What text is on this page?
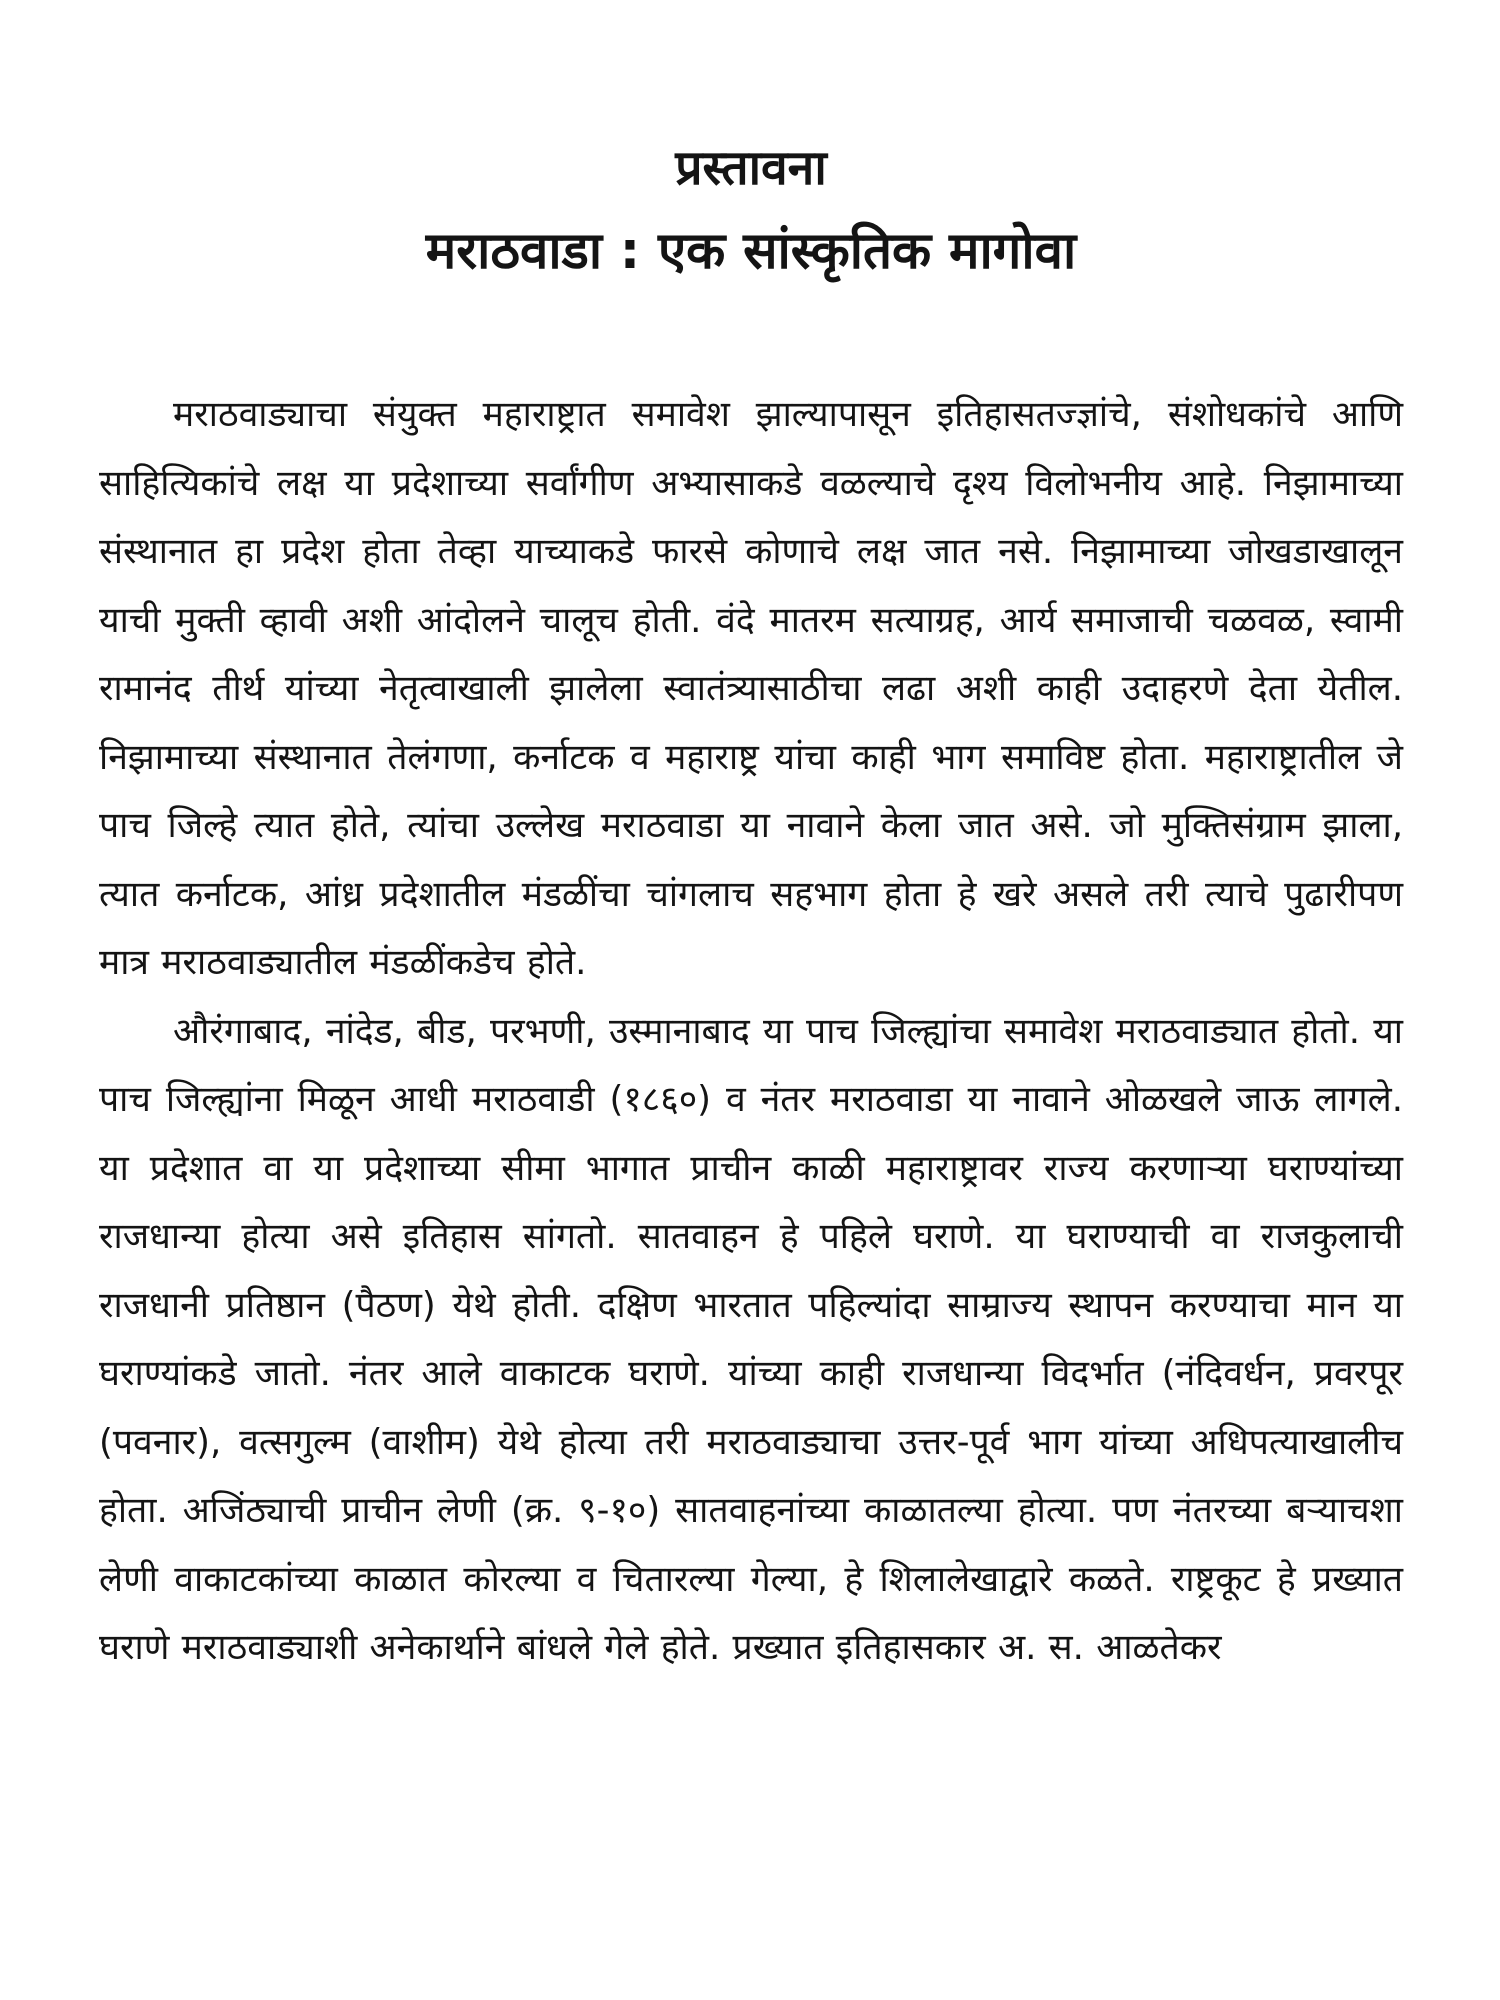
प्रस्तावना
मराठवाडा : एक सांस्कृतिक मागोवा

मराठवाड्याचा संयुक्त महाराष्ट्रात समावेश झाल्यापासून इतिहासतज्ज्ञांचे, संशोधकांचे आणि साहित्यिकांचे लक्ष या प्रदेशाच्या सर्वांगीण अभ्यासाकडे वळल्याचे दृश्य विलोभनीय आहे. निझामाच्या संस्थानात हा प्रदेश होता तेव्हा याच्याकडे फारसे कोणाचे लक्ष जात नसे. निझामाच्या जोखडाखालून याची मुक्ती व्हावी अशी आंदोलने चालूच होती. वंदे मातरम सत्याग्रह, आर्य समाजाची चळवळ, स्वामी रामानंद तीर्थ यांच्या नेतृत्वाखाली झालेला स्वातंत्र्यासाठीचा लढा अशी काही उदाहरणे देता येतील. निझामाच्या संस्थानात तेलंगणा, कर्नाटक व महाराष्ट्र यांचा काही भाग समाविष्ट होता. महाराष्ट्रातील जे पाच जिल्हे त्यात होते, त्यांचा उल्लेख मराठवाडा या नावाने केला जात असे. जो मुक्तिसंग्राम झाला, त्यात कर्नाटक, आंध्र प्रदेशातील मंडळींचा चांगलाच सहभाग होता हे खरे असले तरी त्याचे पुढारीपण मात्र मराठवाड्यातील मंडळींकडेच होते.

औरंगाबाद, नांदेड, बीड, परभणी, उस्मानाबाद या पाच जिल्ह्यांचा समावेश मराठवाड्यात होतो. या पाच जिल्ह्यांना मिळून आधी मराठवाडी (१८६०) व नंतर मराठवाडा या नावाने ओळखले जाऊ लागले. या प्रदेशात वा या प्रदेशाच्या सीमा भागात प्राचीन काळी महाराष्ट्रावर राज्य करणाऱ्या घराण्यांच्या राजधान्या होत्या असे इतिहास सांगतो. सातवाहन हे पहिले घराणे. या घराण्याची वा राजकुलाची राजधानी प्रतिष्ठान (पैठण) येथे होती. दक्षिण भारतात पहिल्यांदा साम्राज्य स्थापन करण्याचा मान या घराण्यांकडे जातो. नंतर आले वाकाटक घराणे. यांच्या काही राजधान्या विदर्भात (नंदिवर्धन, प्रवरपूर (पवनार), वत्सगुल्म (वाशीम) येथे होत्या तरी मराठवाड्याचा उत्तर-पूर्व भाग यांच्या अधिपत्याखालीच होता. अजिंठ्याची प्राचीन लेणी (क्र. ९-१०) सातवाहनांच्या काळातल्या होत्या. पण नंतरच्या बऱ्याचशा लेणी वाकाटकांच्या काळात कोरल्या व चितारल्या गेल्या, हे शिलालेखाद्वारे कळते. राष्ट्रकूट हे प्रख्यात घराणे मराठवाड्याशी अनेकार्थाने बांधले गेले होते. प्रख्यात इतिहासकार अ. स. आळतेकर
